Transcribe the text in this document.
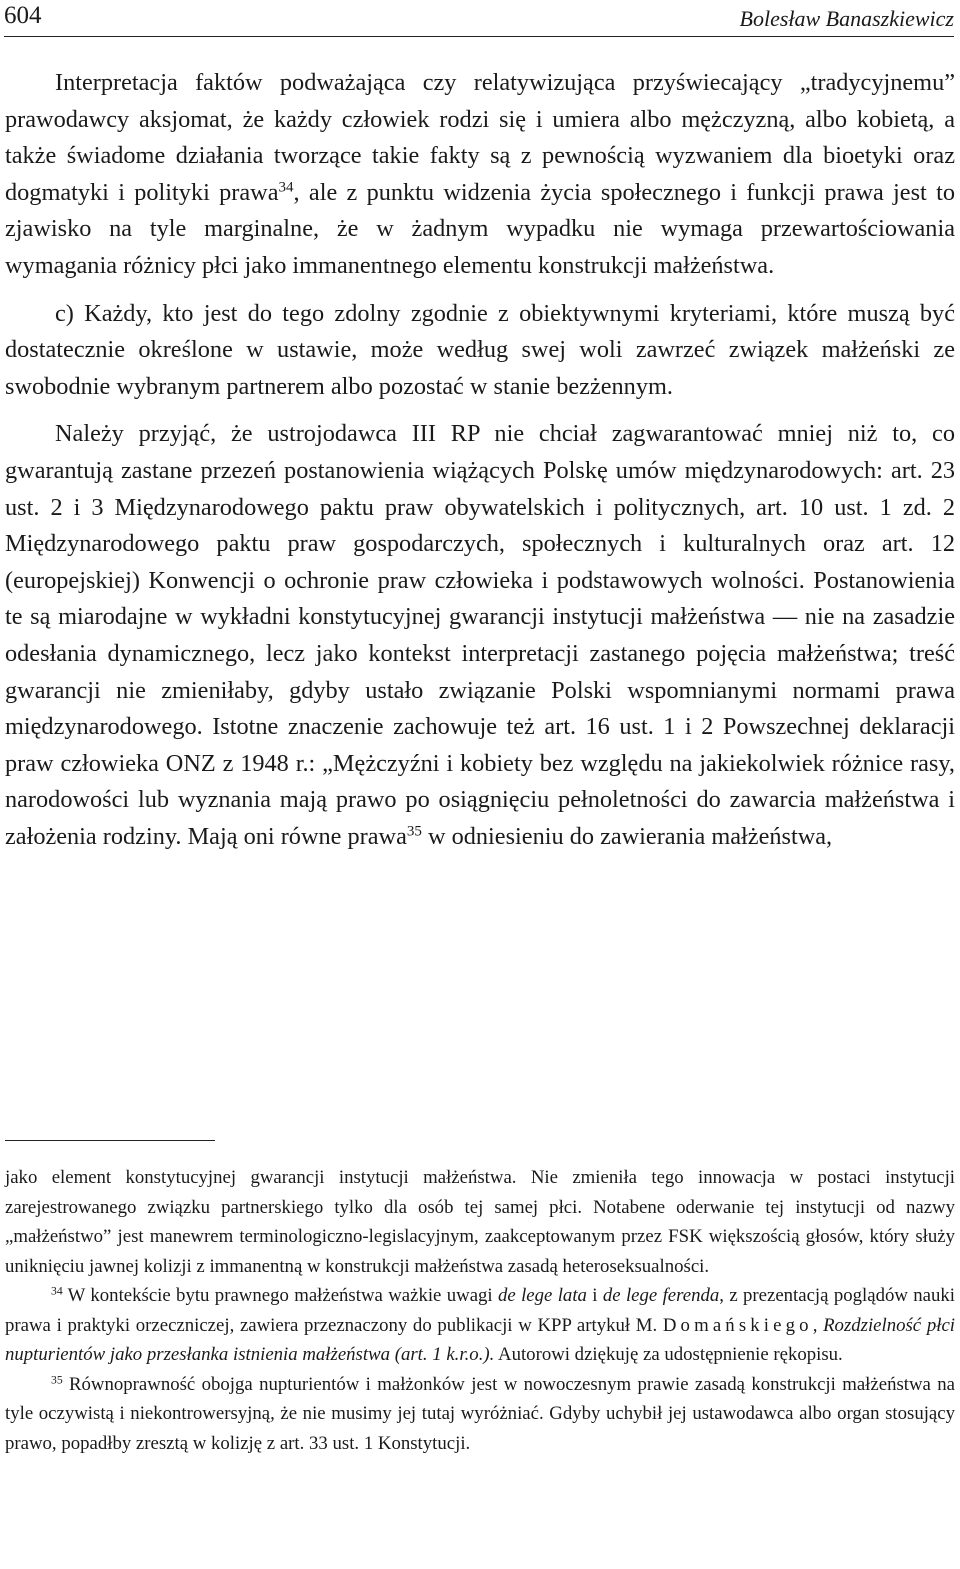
604	Bolesław Banaszkiewicz

Interpretacja faktów podważająca czy relatywizująca przyświecający „tradycyjnemu” prawodawcy aksjomat, że każdy człowiek rodzi się i umiera albo mężczyzną, albo kobietą, a także świadome działania tworzące takie fakty są z pewnością wyzwaniem dla bioetyki oraz dogmatyki i polityki prawa$^{34}$, ale z punktu widzenia życia społecznego i funkcji prawa jest to zjawisko na tyle marginalne, że w żadnym wypadku nie wymaga przewartościowania wymagania różnicy płci jako immanentnego elementu konstrukcji małżeństwa.

c) Każdy, kto jest do tego zdolny zgodnie z obiektywnymi kryteriami, które muszą być dostatecznie określone w ustawie, może według swej woli zawrzeć związek małżeński ze swobodnie wybranym partnerem albo pozostać w stanie bezżennym.

Należy przyjąć, że ustrojodawca III RP nie chciał zagwarantować mniej niż to, co gwarantują zastane przezeń postanowienia wiążących Polskę umów międzynarodowych: art. 23 ust. 2 i 3 Międzynarodowego paktu praw obywatelskich i politycznych, art. 10 ust. 1 zd. 2 Międzynarodowego paktu praw gospodarczych, społecznych i kulturalnych oraz art. 12 (europejskiej) Konwencji o ochronie praw człowieka i podstawowych wolności. Postanowienia te są miarodajne w wykładni konstytucyjnej gwarancji instytucji małżeństwa — nie na zasadzie odesłania dynamicznego, lecz jako kontekst interpretacji zastanego pojęcia małżeństwa; treść gwarancji nie zmieniłaby, gdyby ustało związanie Polski wspomnianymi normami prawa międzynarodowego. Istotne znaczenie zachowuje też art. 16 ust. 1 i 2 Powszechnej deklaracji praw człowieka ONZ z 1948 r.: „Mężczyźni i kobiety bez względu na jakiekolwiek różnice rasy, narodowości lub wyznania mają prawo po osiągnięciu pełnoletności do zawarcia małżeństwa i założenia rodziny. Mają oni równe prawa$^{35}$ w odniesieniu do zawierania małżeństwa,

jako element konstytucyjnej gwarancji instytucji małżeństwa. Nie zmieniła tego innowacja w postaci instytucji zarejestrowanego związku partnerskiego tylko dla osób tej samej płci. Notabene oderwanie tej instytucji od nazwy „małżeństwo” jest manewrem terminologiczno-legislacyjnym, zaakceptowanym przez FSK większością głosów, który służy uniknięciu jawnej kolizji z immanentną w konstrukcji małżeństwa zasadą heteroseksualności.

$^{34}$ W kontekście bytu prawnego małżeństwa ważkie uwagi de lege lata i de lege ferenda, z prezentacją poglądów nauki prawa i praktyki orzeczniczej, zawiera przeznaczony do publikacji w KPP artykuł M. Domańskiego, Rozdzielność płci nupturientów jako przesłanka istnienia małżeństwa (art. 1 k.r.o.). Autorowi dziękuję za udostępnienie rękopisu.

$^{35}$ Równoprawność obojga nupturientów i małżonków jest w nowoczesnym prawie zasadą konstrukcji małżeństwa na tyle oczywistą i niekontrowersyjną, że nie musimy jej tutaj wyróżniać. Gdyby uchybił jej ustawodawca albo organ stosujący prawo, popadłby zresztą w kolizję z art. 33 ust. 1 Konstytucji.
